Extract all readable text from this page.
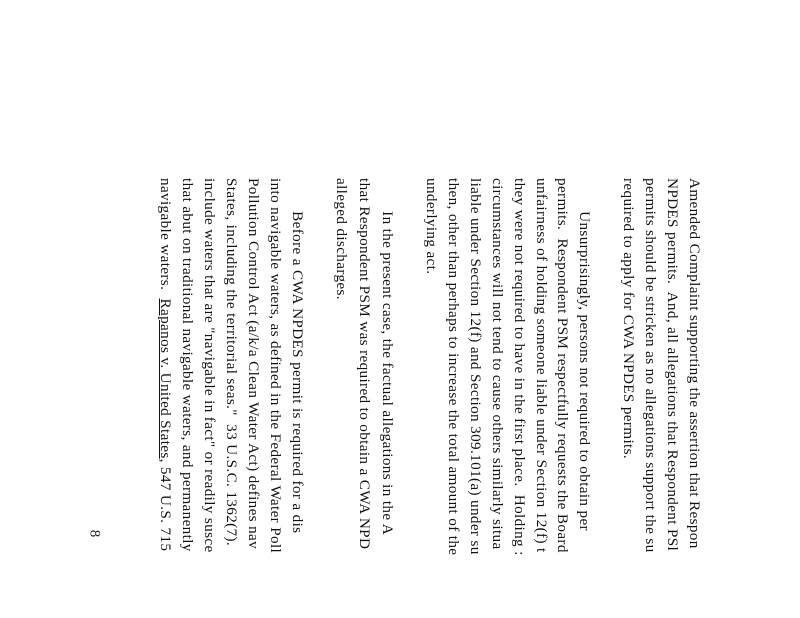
Amended Complaint supporting the assertion that Respon
NPDES permits.  And, all allegations that Respondent PSl
permits should be stricken as no allegations support the su
required to apply for CWA NPDES permits.
Unsurprisingly, persons not required to obtain per
permits.  Respondent PSM respectfully requests the Board
unfairness of holding someone liable under Section 12(f) t
they were not required to have in the first place.  Holding :
circumstances will not tend to cause others similarly situa
liable under Section 12(f) and Section 309.101(a) under su
then, other than perhaps to increase the total amount of the
underlying act.
In the present case, the factual allegations in the A
that Respondent PSM was required to obtain a CWA NPD
alleged discharges.
Before a CWA NPDES permit is required for a dis
into navigable waters, as defined in the Federal Water Poll
Pollution Control Act (a/k/a Clean Water Act) defines nav
States, including the territorial seas."  33 U.S.C. 1362(7).
include waters that are "navigable in fact" or readily susce
that abut on traditional navigable waters, and permanently
navigable waters.  Rapanos v. United States, 547 U.S. 715
8
